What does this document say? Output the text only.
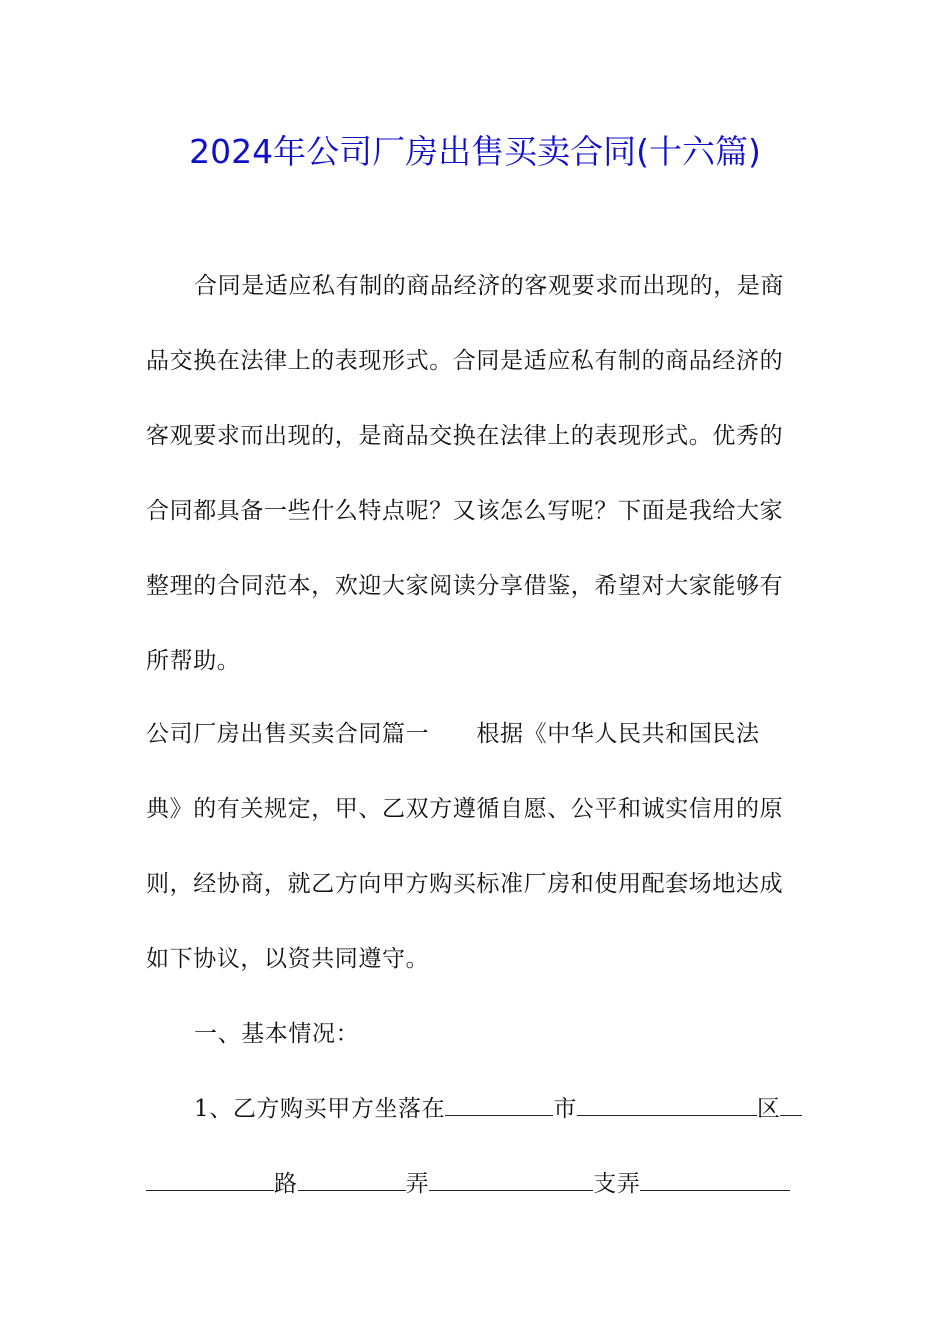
2024年公司厂房出售买卖合同(十六篇)
合同是适应私有制的商品经济的客观要求而出现的，是商
品交换在法律上的表现形式。合同是适应私有制的商品经济的
客观要求而出现的，是商品交换在法律上的表现形式。优秀的
合同都具备一些什么特点呢？又该怎么写呢？下面是我给大家
整理的合同范本，欢迎大家阅读分享借鉴，希望对大家能够有
所帮助。
公司厂房出售买卖合同篇一　　根据《中华人民共和国民法
典》的有关规定，甲、乙双方遵循自愿、公平和诚实信用的原
则，经协商，就乙方向甲方购买标准厂房和使用配套场地达成
如下协议，以资共同遵守。
一、基本情况：
1、乙方购买甲方坐落在	市	区
路	弄	支弄
